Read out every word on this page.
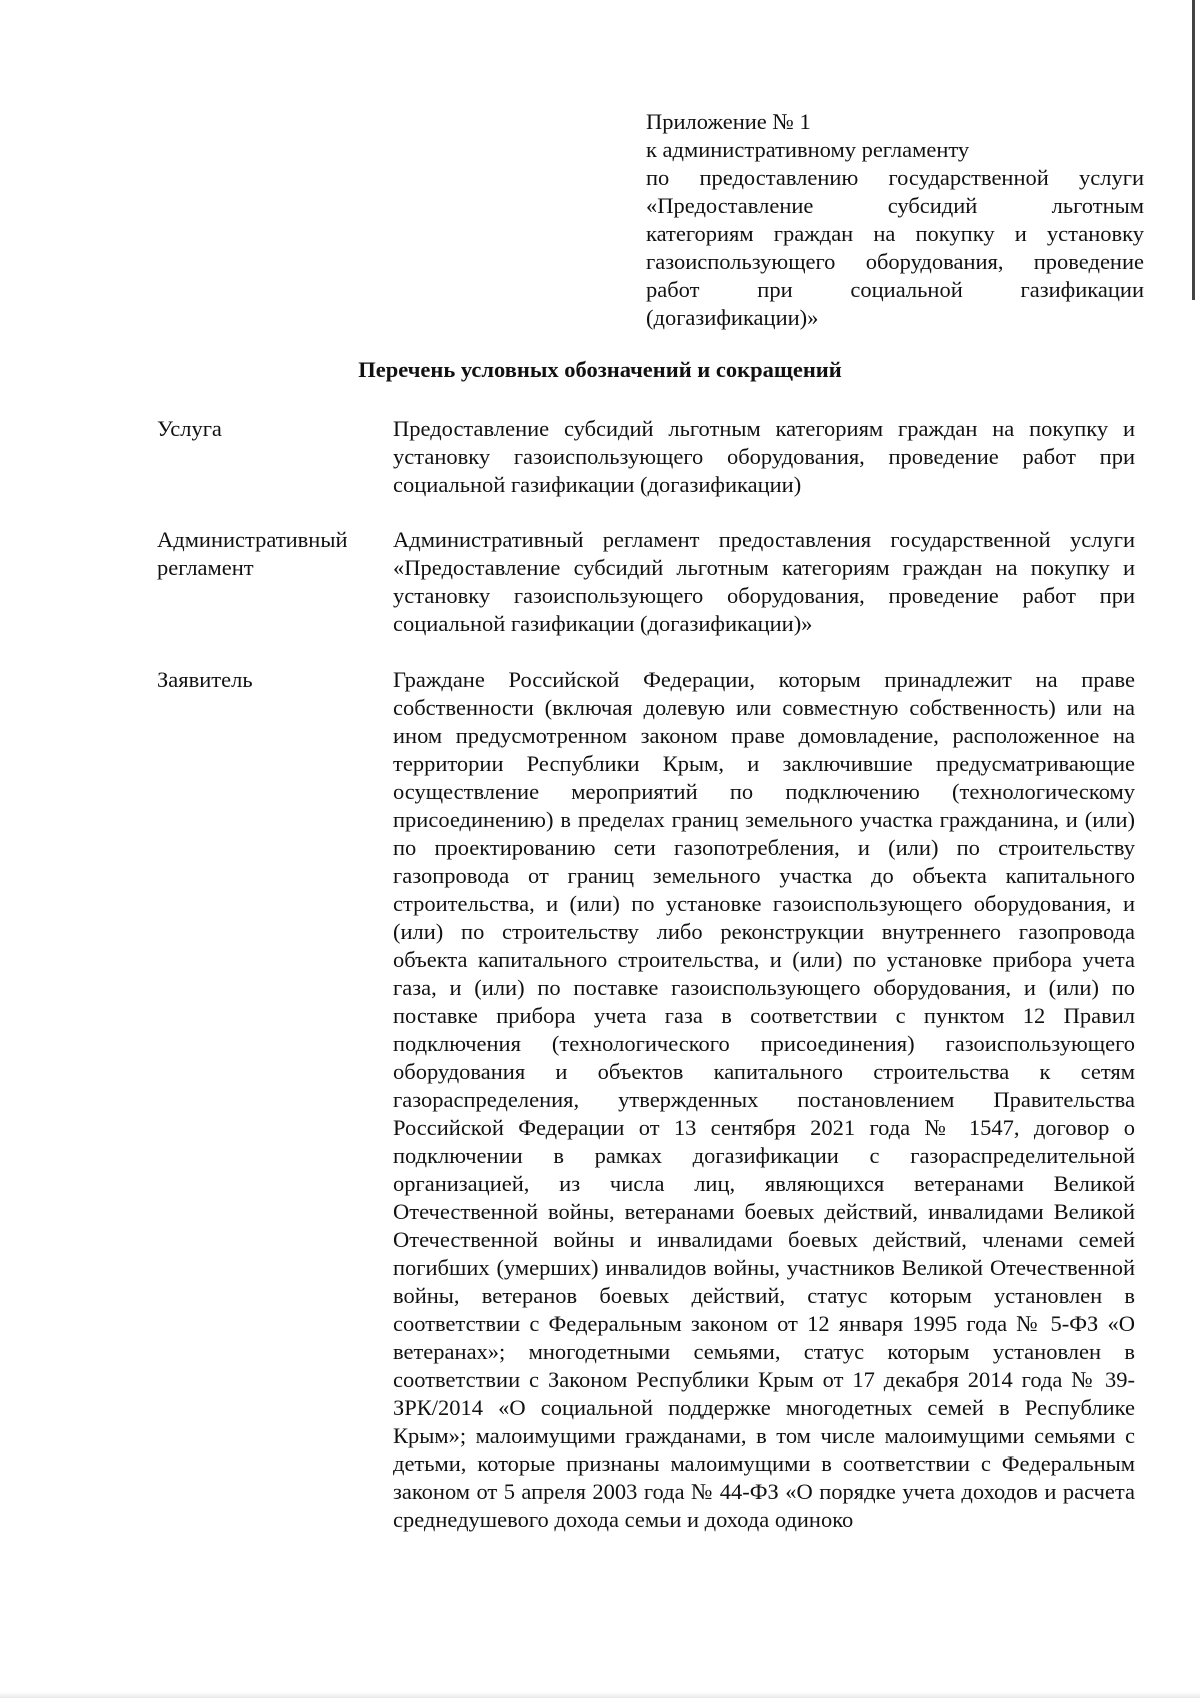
Приложение № 1
к административному регламенту
по предоставлению государственной услуги
«Предоставление субсидий льготным
категориям граждан на покупку и установку
газоиспользующего оборудования, проведение
работ при социальной газификации
(догазификации)»
Перечень условных обозначений и сокращений
Услуга	Предоставление субсидий льготным категориям граждан на покупку и установку газоиспользующего оборудования, проведение работ при социальной газификации (догазификации)
Административный регламент
Административный регламент предоставления государственной услуги «Предоставление субсидий льготным категориям граждан на покупку и установку газоиспользующего оборудования, проведение работ при социальной газификации (догазификации)»
Заявитель	Граждане Российской Федерации, которым принадлежит на праве собственности (включая долевую или совместную собственность) или на ином предусмотренном законом праве домовладение, расположенное на территории Республики Крым, и заключившие предусматривающие осуществление мероприятий по подключению (технологическому присоединению) в пределах границ земельного участка гражданина, и (или) по проектированию сети газопотребления, и (или) по строительству газопровода от границ земельного участка до объекта капитального строительства, и (или) по установке газоиспользующего оборудования, и (или) по строительству либо реконструкции внутреннего газопровода объекта капитального строительства, и (или) по установке прибора учета газа, и (или) по поставке газоиспользующего оборудования, и (или) по поставке прибора учета газа в соответствии с пунктом 12 Правил подключения (технологического присоединения) газоиспользующего оборудования и объектов капитального строительства к сетям газораспределения, утвержденных постановлением Правительства Российской Федерации от 13 сентября 2021 года № 1547, договор о подключении в рамках догазификации с газораспределительной организацией, из числа лиц, являющихся ветеранами Великой Отечественной войны, ветеранами боевых действий, инвалидами Великой Отечественной войны и инвалидами боевых действий, членами семей погибших (умерших) инвалидов войны, участников Великой Отечественной войны, ветеранов боевых действий, статус которым установлен в соответствии с Федеральным законом от 12 января 1995 года № 5-ФЗ «О ветеранах»; многодетными семьями, статус которым установлен в соответствии с Законом Республики Крым от 17 декабря 2014 года № 39-ЗРК/2014 «О социальной поддержке многодетных семей в Республике Крым»; малоимущими гражданами, в том числе малоимущими семьями с детьми, которые признаны малоимущими в соответствии с Федеральным законом от 5 апреля 2003 года № 44-ФЗ «О порядке учета доходов и расчета среднедушевого дохода семьи и дохода одиноко
